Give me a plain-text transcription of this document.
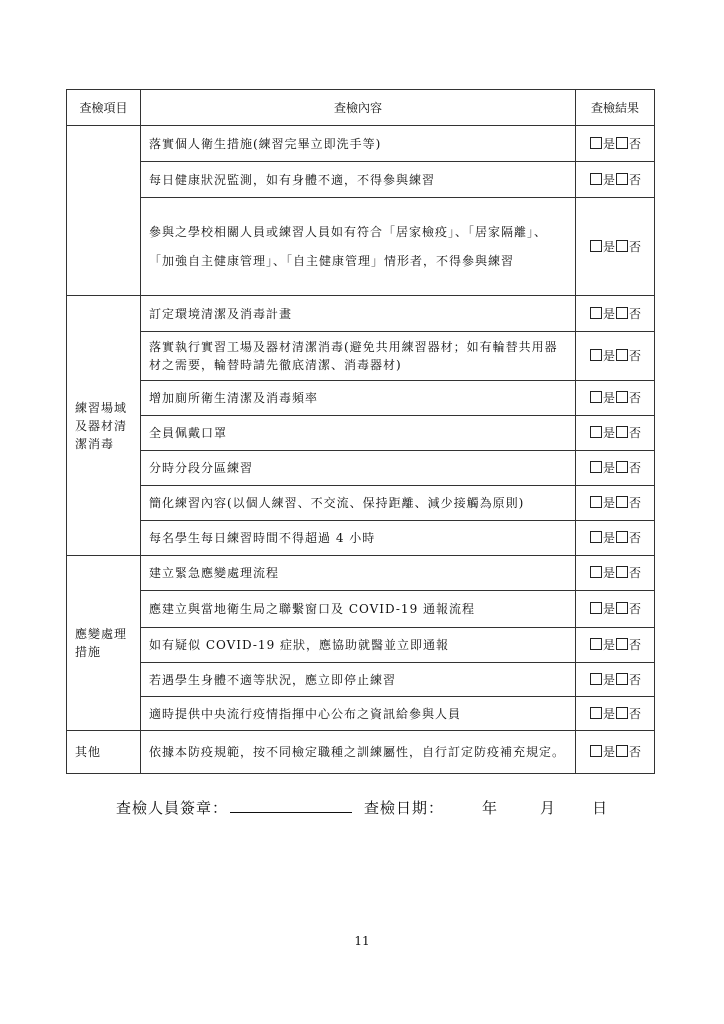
查檢項目	查檢內容	查檢結果
	落實個人衛生措施(練習完畢立即洗手等)	是 否
	每日健康狀況監測，如有身體不適，不得參與練習	是 否
	參與之學校相關人員或練習人員如有符合「居家檢疫」、「居家隔離」、「加強自主健康管理」、「自主健康管理」情形者，不得參與練習	是 否

練習場域
及器材清
潔消毒	訂定環境清潔及消毒計畫	是 否
	落實執行實習工場及器材清潔消毒(避免共用練習器材；如有輪替共用器材之需要，輪替時請先徹底清潔、消毒器材)	是 否
	增加廁所衛生清潔及消毒頻率	是 否
	全員佩戴口罩	是 否
	分時分段分區練習	是 否
	簡化練習內容(以個人練習、不交流、保持距離、減少接觸為原則)	是 否
	每名學生每日練習時間不得超過 4 小時	是 否

應變處理
措施	建立緊急應變處理流程	是 否
	應建立與當地衛生局之聯繫窗口及 COVID-19 通報流程	是 否
	如有疑似 COVID-19 症狀，應協助就醫並立即通報	是 否
	若遇學生身體不適等狀況，應立即停止練習	是 否
	適時提供中央流行疫情指揮中心公布之資訊給參與人員	是 否

其他	依據本防疫規範，按不同檢定職種之訓練屬性，自行訂定防疫補充規定。	是 否
查檢人員簽章：	查檢日期：	年	月 日
11
